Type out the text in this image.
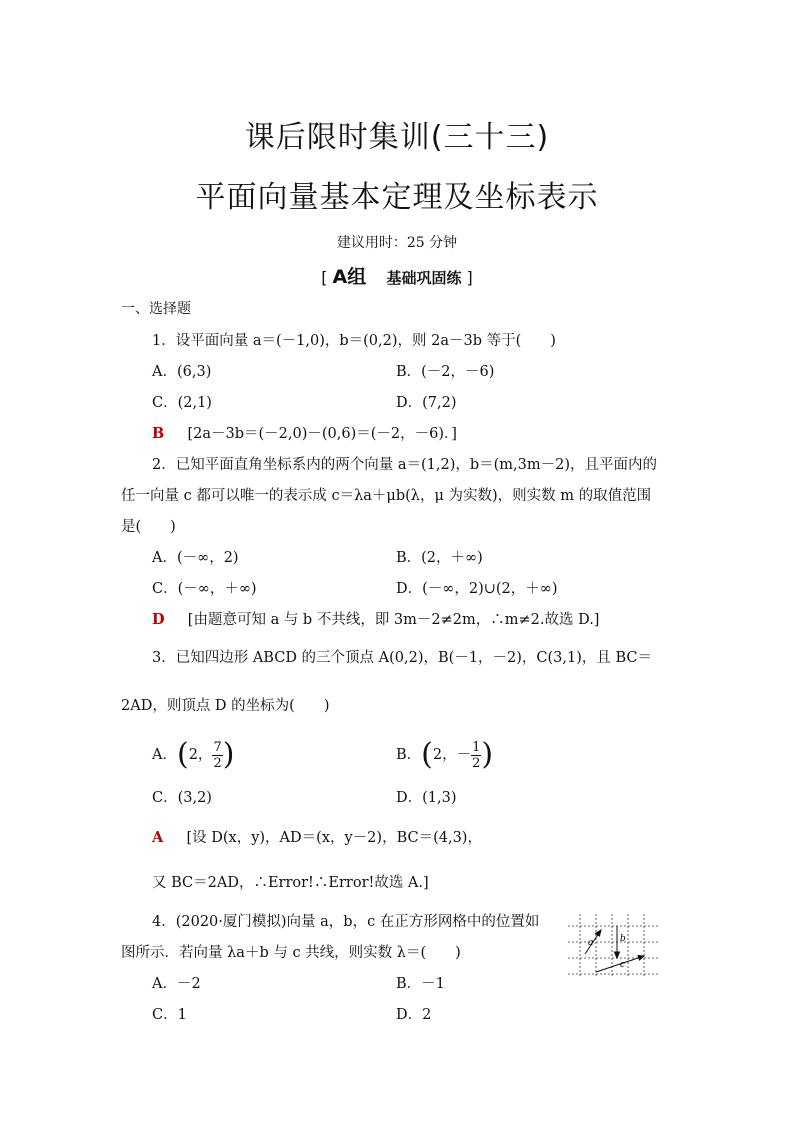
课后限时集训(三十三)
平面向量基本定理及坐标表示
建议用时：25 分钟
[ A组 基础巩固练 ]
一、选择题
1．设平面向量 a＝(－1,0)，b＝(0,2)，则 2a－3b 等于(　　)
A．(6,3)	B．(－2，－6)
C．(2,1)	D．(7,2)
B [2a－3b＝(－2,0)－(0,6)＝(－2，－6)．]
2．已知平面直角坐标系内的两个向量 a＝(1,2)，b＝(m,3m－2)，且平面内的
任一向量 c 都可以唯一的表示成 c＝λa＋μb(λ，μ 为实数)，则实数 m 的取值范围
是(　　)
A．(－∞，2)	B．(2，＋∞)
C．(－∞，＋∞)	D．(－∞，2)∪(2，＋∞)
D [由题意可知 a 与 b 不共线，即 3m－2≠2m，∴m≠2.故选 D.]
3．已知四边形 ABCD 的三个顶点 A(0,2)，B(－1，－2)，C(3,1)，且 BC＝
2AD，则顶点 D 的坐标为(　　)
A．(2， $\frac{7}{2}$ )	B．(2，－ $\frac{1}{2}$ )
C．(3,2)	D．(1,3)
A [设 D(x，y)，AD＝(x，y－2)，BC＝(4,3)，
又 BC＝2AD，∴Error!∴Error!故选 A.]
4．(2020·厦门模拟)向量 a，b，c 在正方形网格中的位置如
图所示．若向量 λa＋b 与 c 共线，则实数 λ＝(　　)
A．－2	B．－1
C．1	D．2
a	b
c
